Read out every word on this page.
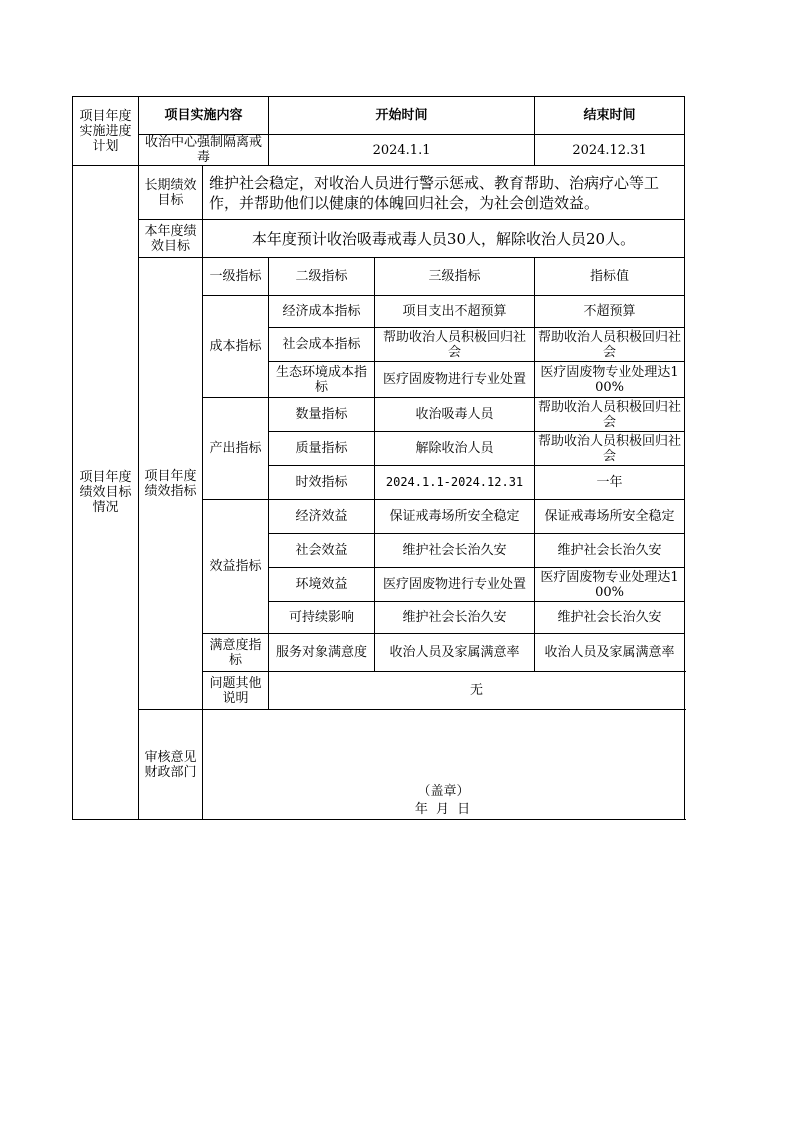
项目年度实施进度计划	项目实施内容		开始时间		结束时间
	收治中心强制隔离戒毒		2024.1.1		2024.12.31
项目年度绩效目标情况	长期绩效目标	维护社会稳定，对收治人员进行警示惩戒、教育帮助、治病疗心等工作，并帮助他们以健康的体魄回归社会，为社会创造效益。			
	本年度绩效目标	本年度预计收治吸毒戒毒人员30人，解除收治人员20人。			
	项目年度绩效指标	一级指标	二级指标	三级指标	指标值
		成本指标	经济成本指标	项目支出不超预算	不超预算
			社会成本指标	帮助收治人员积极回归社会	帮助收治人员积极回归社会
			生态环境成本指标	医疗固废物进行专业处置	医疗固废物专业处理达100%
		产出指标	数量指标	收治吸毒人员	帮助收治人员积极回归社会
			质量指标	解除收治人员	帮助收治人员积极回归社会
			时效指标	2024.1.1-2024.12.31	一年
		效益指标	经济效益	保证戒毒场所安全稳定	保证戒毒场所安全稳定
			社会效益	维护社会长治久安	维护社会长治久安
			环境效益	医疗固废物进行专业处置	医疗固废物专业处理达100%
			可持续影响	维护社会长治久安	维护社会长治久安
		满意度指标	服务对象满意度	收治人员及家属满意率	收治人员及家属满意率
		问题其他说明	无		
	审核意见财政部门	（盖章）
年 月 日			
